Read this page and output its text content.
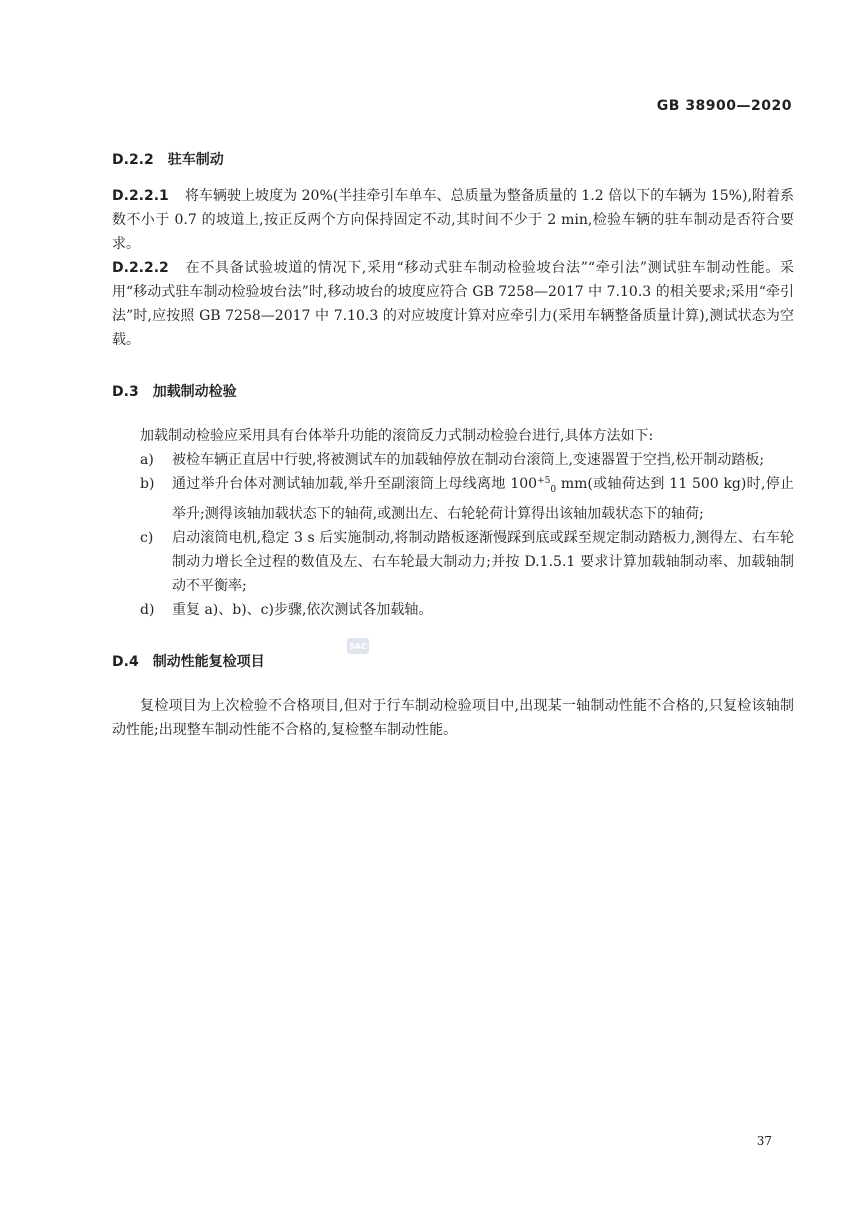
GB 38900—2020
D.2.2 驻车制动
D.2.2.1 将车辆驶上坡度为 20%(半挂牵引车单车、总质量为整备质量的 1.2 倍以下的车辆为 15%),附着系数不小于 0.7 的坡道上,按正反两个方向保持固定不动,其时间不少于 2 min,检验车辆的驻车制动是否符合要求。
D.2.2.2 在不具备试验坡道的情况下,采用“移动式驻车制动检验坡台法”“牵引法”测试驻车制动性能。采用“移动式驻车制动检验坡台法”时,移动坡台的坡度应符合 GB 7258—2017 中 7.10.3 的相关要求;采用“牵引法”时,应按照 GB 7258—2017 中 7.10.3 的对应坡度计算对应牵引力(采用车辆整备质量计算),测试状态为空载。
D.3 加载制动检验
加载制动检验应采用具有台体举升功能的滚筒反力式制动检验台进行,具体方法如下:
a)	被检车辆正直居中行驶,将被测试车的加载轴停放在制动台滚筒上,变速器置于空挡,松开制动踏板;
b)	通过举升台体对测试轴加载,举升至副滚筒上母线离地 $100^{+5}_0$ mm(或轴荷达到 11 500 kg)时,停止举升;测得该轴加载状态下的轴荷,或测出左、右轮轮荷计算得出该轴加载状态下的轴荷;
c)	启动滚筒电机,稳定 3 s 后实施制动,将制动踏板逐渐慢踩到底或踩至规定制动踏板力,测得左、右车轮制动力增长全过程的数值及左、右车轮最大制动力;并按 D.1.5.1 要求计算加载轴制动率、加载轴制动不平衡率;
d)	重复 a)、b)、c)步骤,依次测试各加载轴。
D.4 制动性能复检项目
复检项目为上次检验不合格项目,但对于行车制动检验项目中,出现某一轴制动性能不合格的,只复检该轴制动性能;出现整车制动性能不合格的,复检整车制动性能。
SAC
37
